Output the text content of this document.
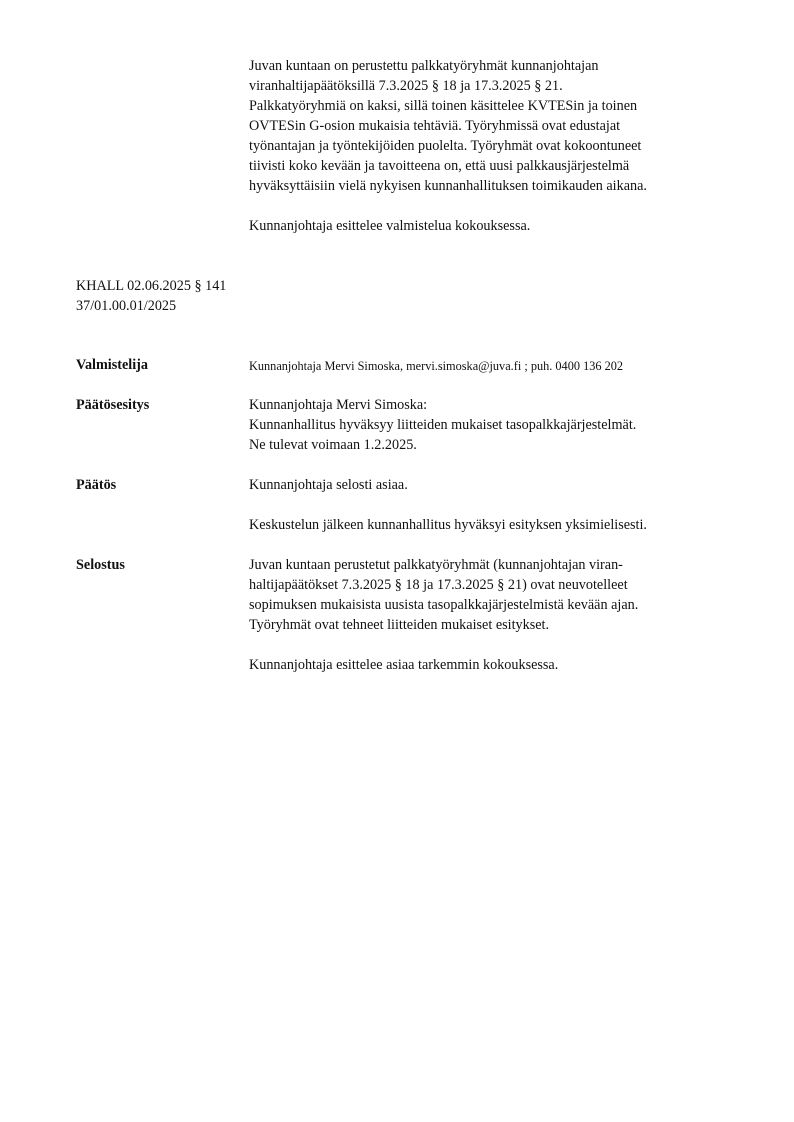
Juvan kuntaan on perustettu palkkatyöryhmät kunnanjohtajan
viranhaltijapäätöksillä 7.3.2025 § 18 ja 17.3.2025 § 21.
Palkkatyöryhmiä on kaksi, sillä toinen käsittelee KVTESin ja toinen
OVTESin G-osion mukaisia tehtäviä. Työryhmissä ovat edustajat
työnantajan ja työntekijöiden puolelta. Työryhmät ovat kokoontuneet
tiivisti koko kevään ja tavoitteena on, että uusi palkkausjärjestelmä
hyväksyttäisiin vielä nykyisen kunnanhallituksen toimikauden aikana.
Kunnanjohtaja esittelee valmistelua kokouksessa.
KHALL 02.06.2025 § 141
37/01.00.01/2025
Valmistelija	Kunnanjohtaja Mervi Simoska, mervi.simoska@juva.fi ; puh. 0400 136 202
Päätösesitys	Kunnanjohtaja Mervi Simoska:
Kunnanhallitus hyväksyy liitteiden mukaiset tasopalkkajärjestelmät.
Ne tulevat voimaan 1.2.2025.
Päätös	Kunnanjohtaja selosti asiaa.
Keskustelun jälkeen kunnanhallitus hyväksyi esityksen yksimielisesti.
Selostus	Juvan kuntaan perustetut palkkatyöryhmät (kunnanjohtajan viran-
haltijapäätökset 7.3.2025 § 18 ja 17.3.2025 § 21) ovat neuvotelleet
sopimuksen mukaisista uusista tasopalkkajärjestelmistä kevään ajan.
Työryhmät ovat tehneet liitteiden mukaiset esitykset.
Kunnanjohtaja esittelee asiaa tarkemmin kokouksessa.
